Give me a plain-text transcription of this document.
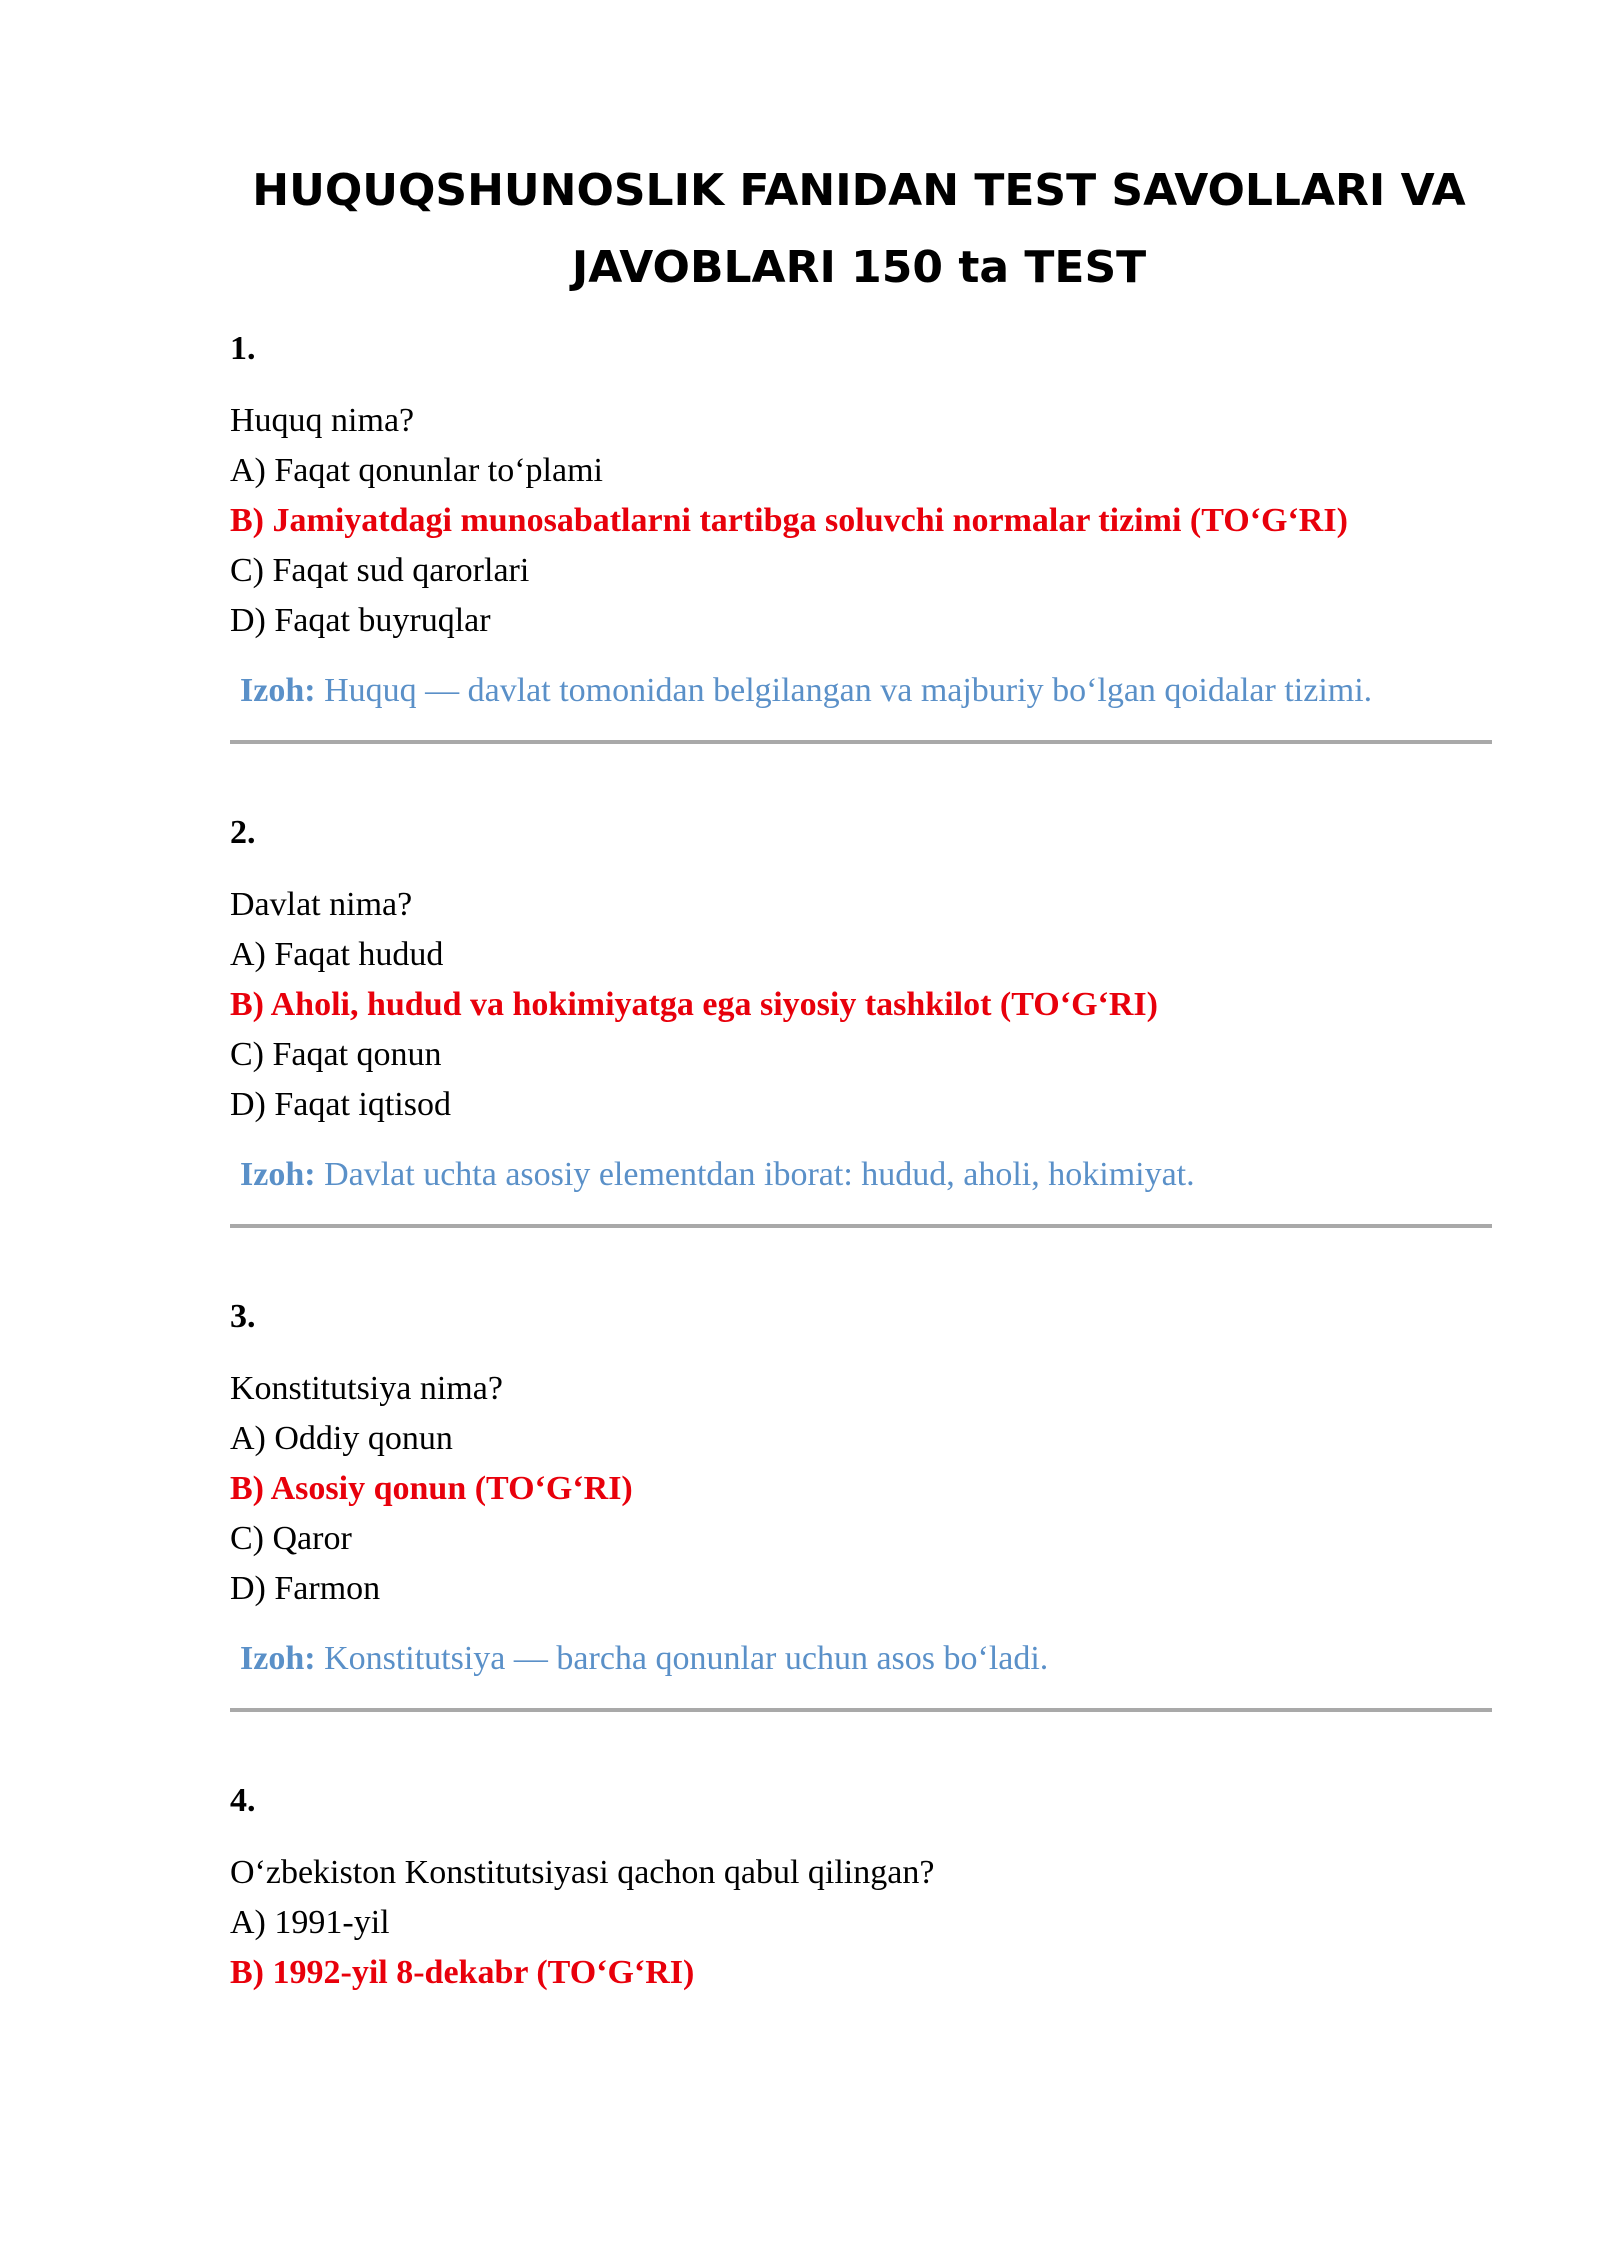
HUQUQSHUNOSLIK FANIDAN TEST SAVOLLARI VA
JAVOBLARI 150 ta TEST
1.
Huquq nima?
A) Faqat qonunlar to‘plami
B) Jamiyatdagi munosabatlarni tartibga soluvchi normalar tizimi (TO‘G‘RI)
C) Faqat sud qarorlari
D) Faqat buyruqlar
Izoh: Huquq — davlat tomonidan belgilangan va majburiy bo‘lgan qoidalar tizimi.
2.
Davlat nima?
A) Faqat hudud
B) Aholi, hudud va hokimiyatga ega siyosiy tashkilot (TO‘G‘RI)
C) Faqat qonun
D) Faqat iqtisod
Izoh: Davlat uchta asosiy elementdan iborat: hudud, aholi, hokimiyat.
3.
Konstitutsiya nima?
A) Oddiy qonun
B) Asosiy qonun (TO‘G‘RI)
C) Qaror
D) Farmon
Izoh: Konstitutsiya — barcha qonunlar uchun asos bo‘ladi.
4.
O‘zbekiston Konstitutsiyasi qachon qabul qilingan?
A) 1991-yil
B) 1992-yil 8-dekabr (TO‘G‘RI)
